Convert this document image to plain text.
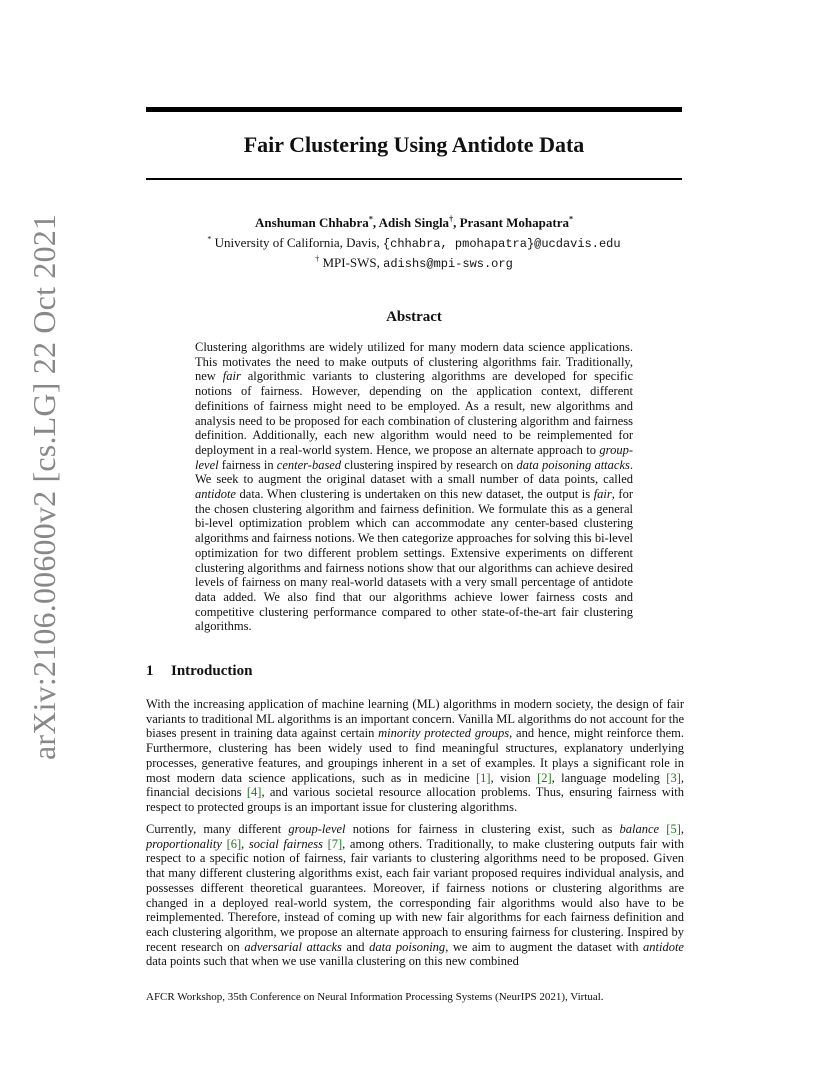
arXiv:2106.00600v2 [cs.LG] 22 Oct 2021
Fair Clustering Using Antidote Data
Anshuman Chhabra*, Adish Singla†, Prasant Mohapatra*
* University of California, Davis, {chhabra, pmohapatra}@ucdavis.edu
† MPI-SWS, adishs@mpi-sws.org
Abstract

Clustering algorithms are widely utilized for many modern data science applications. This motivates the need to make outputs of clustering algorithms fair. Traditionally, new fair algorithmic variants to clustering algorithms are developed for specific notions of fairness. However, depending on the application context, different definitions of fairness might need to be employed. As a result, new algorithms and analysis need to be proposed for each combination of clustering algorithm and fairness definition. Additionally, each new algorithm would need to be reimplemented for deployment in a real-world system. Hence, we propose an alternate approach to group-level fairness in center-based clustering inspired by research on data poisoning attacks. We seek to augment the original dataset with a small number of data points, called antidote data. When clustering is undertaken on this new dataset, the output is fair, for the chosen clustering algorithm and fairness definition. We formulate this as a general bi-level optimization problem which can accommodate any center-based clustering algorithms and fairness notions. We then categorize approaches for solving this bi-level optimization for two different problem settings. Extensive experiments on different clustering algorithms and fairness notions show that our algorithms can achieve desired levels of fairness on many real-world datasets with a very small percentage of antidote data added. We also find that our algorithms achieve lower fairness costs and competitive clustering performance compared to other state-of-the-art fair clustering algorithms.

1 Introduction

With the increasing application of machine learning (ML) algorithms in modern society, the design of fair variants to traditional ML algorithms is an important concern. Vanilla ML algorithms do not account for the biases present in training data against certain minority protected groups, and hence, might reinforce them. Furthermore, clustering has been widely used to find meaningful structures, explanatory underlying processes, generative features, and groupings inherent in a set of examples. It plays a significant role in most modern data science applications, such as in medicine [1], vision [2], language modeling [3], financial decisions [4], and various societal resource allocation problems. Thus, ensuring fairness with respect to protected groups is an important issue for clustering algorithms.

Currently, many different group-level notions for fairness in clustering exist, such as balance [5], proportionality [6], social fairness [7], among others. Traditionally, to make clustering outputs fair with respect to a specific notion of fairness, fair variants to clustering algorithms need to be proposed. Given that many different clustering algorithms exist, each fair variant proposed requires individual analysis, and possesses different theoretical guarantees. Moreover, if fairness notions or clustering algorithms are changed in a deployed real-world system, the corresponding fair algorithms would also have to be reimplemented. Therefore, instead of coming up with new fair algorithms for each fairness definition and each clustering algorithm, we propose an alternate approach to ensuring fairness for clustering. Inspired by recent research on adversarial attacks and data poisoning, we aim to augment the dataset with antidote data points such that when we use vanilla clustering on this new combined

AFCR Workshop, 35th Conference on Neural Information Processing Systems (NeurIPS 2021), Virtual.
